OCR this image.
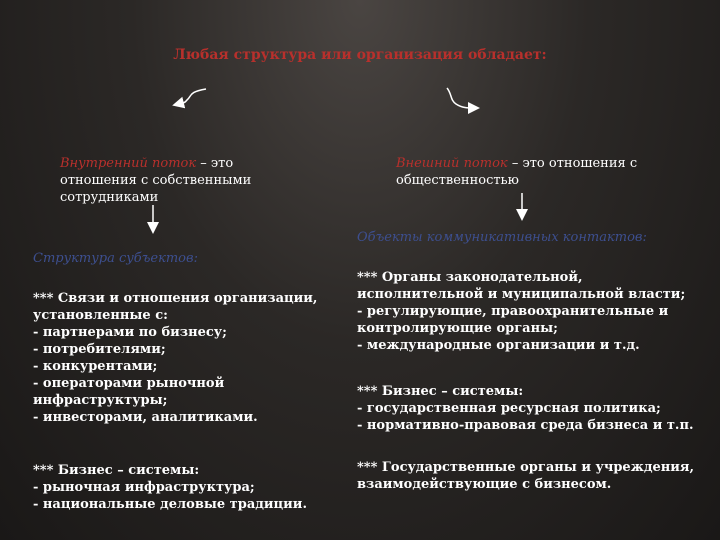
Любая структура или организация обладает:

Внутренний поток – это отношения с собственными сотрудниками

Внешний поток – это отношения с общественностью

Структура субъектов:

*** Связи и отношения организации, установленные с:
- партнерами по бизнесу;
- потребителями;
- конкурентами;
- операторами рыночной инфраструктуры;
- инвесторами, аналитиками.

*** Бизнес – системы:
- рыночная инфраструктура;
- национальные деловые традиции.

Объекты коммуникативных контактов:

*** Органы законодательной, исполнительной и муниципальной власти;
- регулирующие, правоохранительные и контролирующие органы;
- международные организации и т.д.

*** Бизнес – системы:
- государственная ресурсная политика;
- нормативно-правовая среда бизнеса и т.п.

*** Государственные органы и учреждения, взаимодействующие с бизнесом.
